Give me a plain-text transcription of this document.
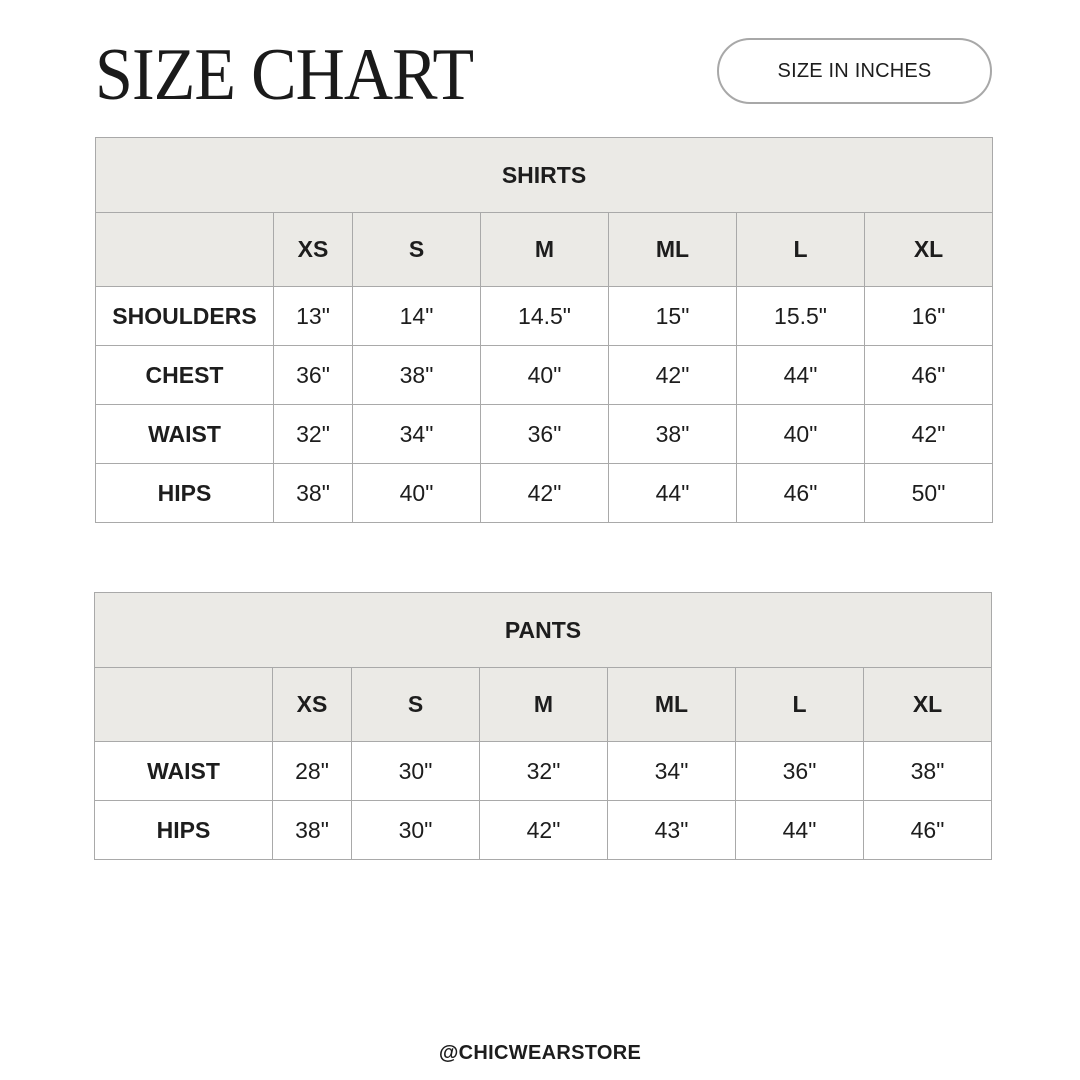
SIZE CHART	SIZE IN INCHES
SHIRTS						
	XS	S	M	ML	L	XL
SHOULDERS	13"	14"	14.5"	15"	15.5"	16"
CHEST	36"	38"	40"	42"	44"	46"
WAIST	32"	34"	36"	38"	40"	42"
HIPS	38"	40"	42"	44"	46"	50"
PANTS						
	XS	S	M	ML	L	XL
WAIST	28"	30"	32"	34"	36"	38"
HIPS	38"	30"	42"	43"	44"	46"
@CHICWEARSTORE
